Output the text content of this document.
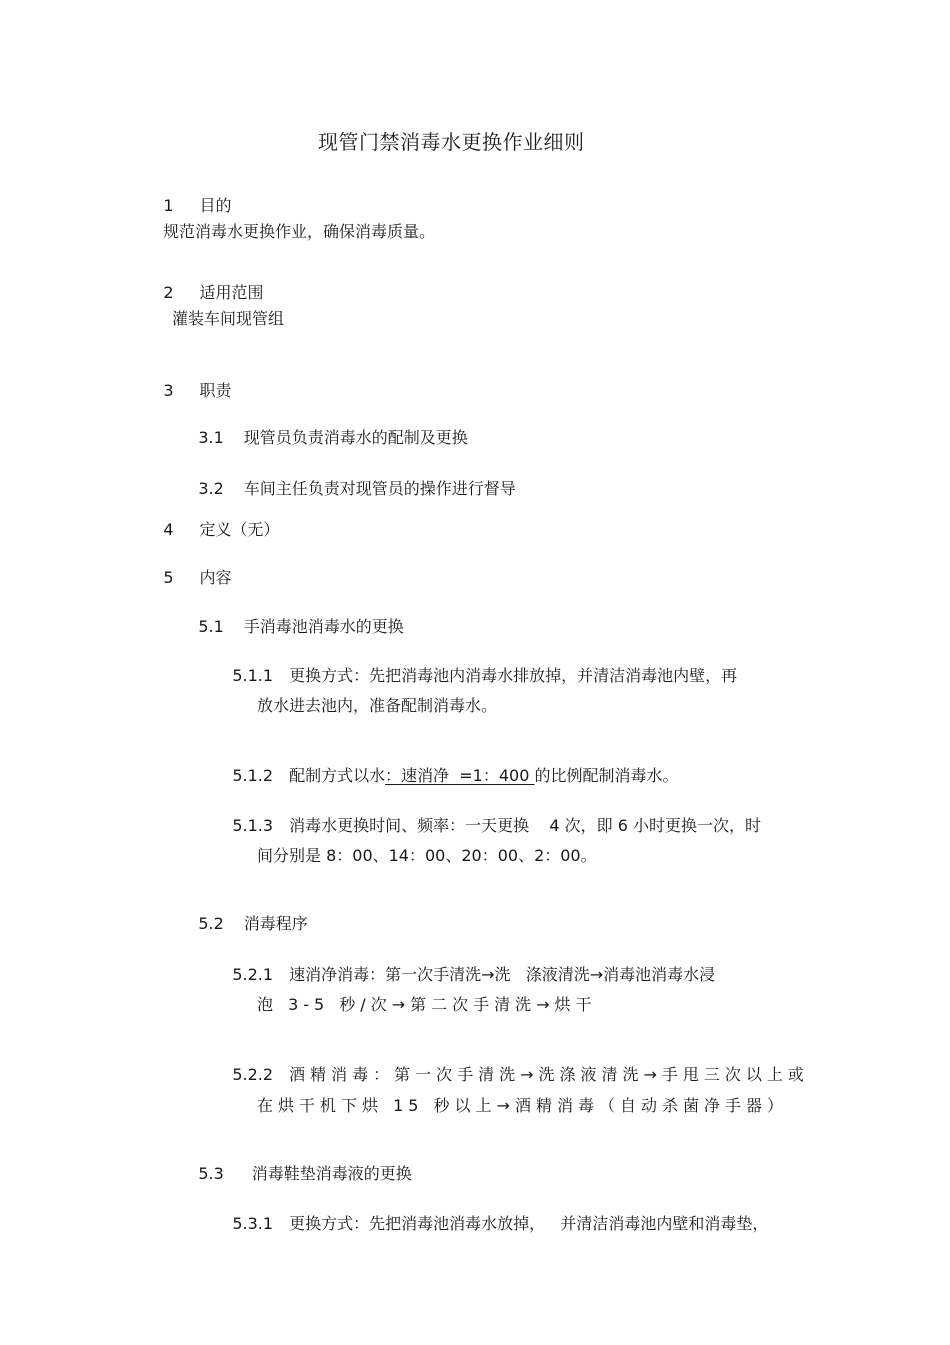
现管门禁消毒水更换作业细则

1 目的

规范消毒水更换作业，确保消毒质量。

2 适用范围

灌装车间现管组

3 职责

3.1 现管员负责消毒水的配制及更换

3.2 车间主任负责对现管员的操作进行督导

4 定义（无）

5 内容

5.1 手消毒池消毒水的更换

5.1.1 更换方式：先把消毒池内消毒水排放掉，并清洁消毒池内壁，再

放水进去池内，准备配制消毒水。

5.1.2 配制方式以水：速消净  =1：400 的比例配制消毒水。

5.1.3 消毒水更换时间、频率：一天更换    4 次，即 6 小时更换一次，时

间分别是 8：00、14：00、20：00、2：00。

5.2 消毒程序

5.2.1 速消净消毒：第一次手清洗→洗   涤液清洗→消毒池消毒水浸

泡 3-5 秒/次→第二次手清洗→烘干

5.2.2 酒精消毒：第一次手清洗→洗涤液清洗→手甩三次以上或

在烘干机下烘 15 秒以上→酒精消毒（自动杀菌净手器）

5.3 消毒鞋垫消毒液的更换

5.3.1 更换方式：先把消毒池消毒水放掉，   并清洁消毒池内壁和消毒垫，
